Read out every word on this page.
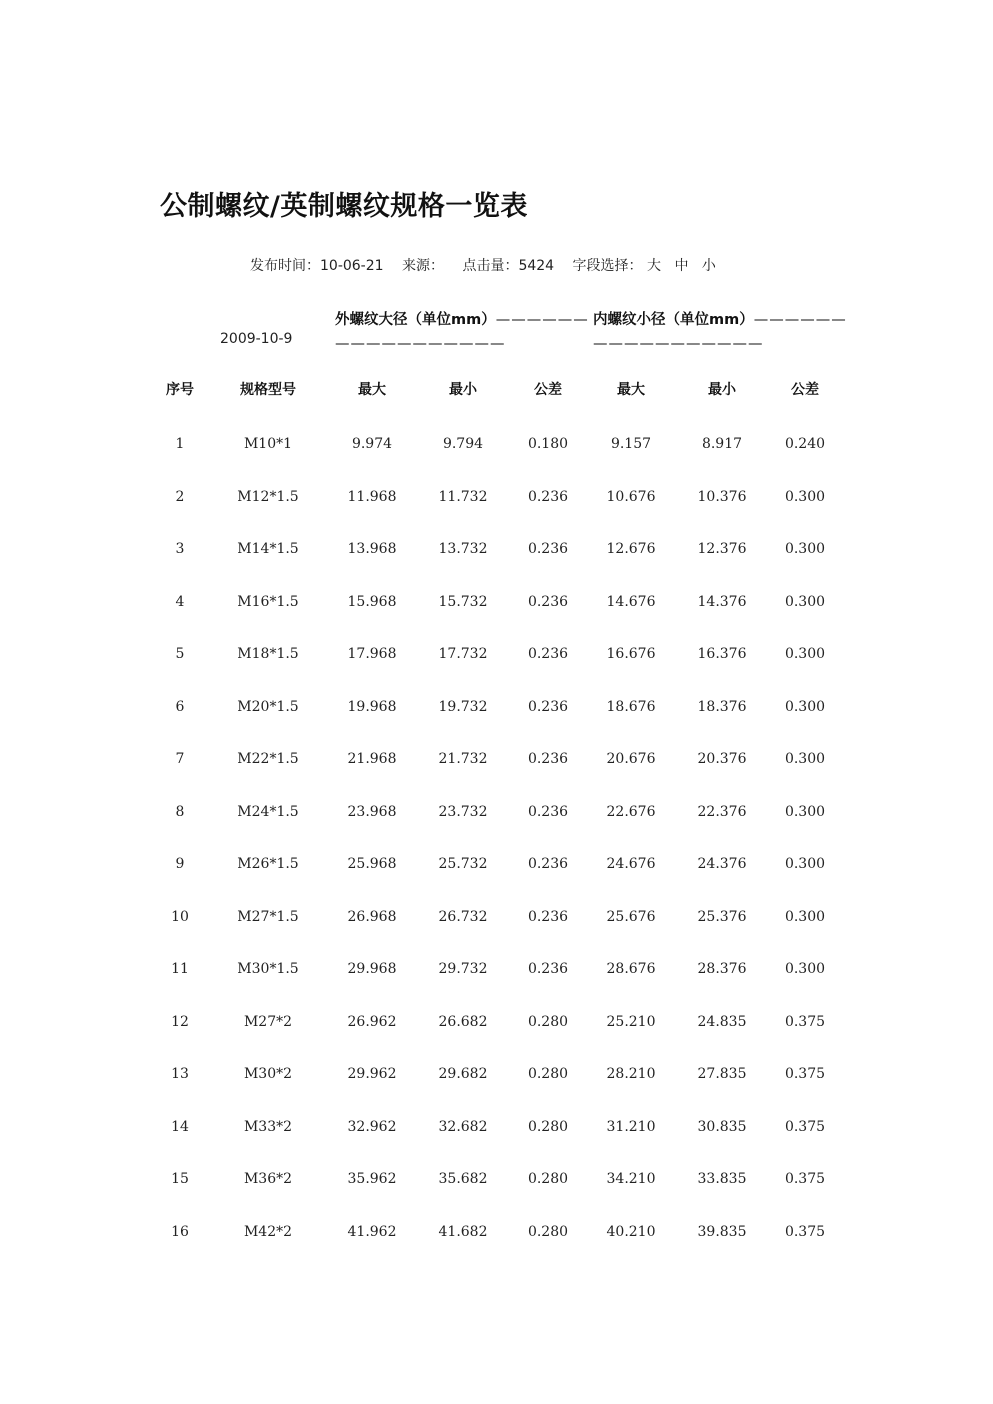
公制螺纹/英制螺纹规格一览表
发布时间：10-06-21 来源： 点击量：5424 字段选择： 大 中 小
2009-10-9
外螺纹大径（单位mm）——————
———————————
内螺纹小径（单位mm）——————
———————————
序号	规格型号	最大	最小	公差	最大	最小	公差
1	M10*1	9.974	9.794	0.180	9.157	8.917	0.240
2	M12*1.5	11.968	11.732	0.236	10.676	10.376	0.300
3	M14*1.5	13.968	13.732	0.236	12.676	12.376	0.300
4	M16*1.5	15.968	15.732	0.236	14.676	14.376	0.300
5	M18*1.5	17.968	17.732	0.236	16.676	16.376	0.300
6	M20*1.5	19.968	19.732	0.236	18.676	18.376	0.300
7	M22*1.5	21.968	21.732	0.236	20.676	20.376	0.300
8	M24*1.5	23.968	23.732	0.236	22.676	22.376	0.300
9	M26*1.5	25.968	25.732	0.236	24.676	24.376	0.300
10	M27*1.5	26.968	26.732	0.236	25.676	25.376	0.300
11	M30*1.5	29.968	29.732	0.236	28.676	28.376	0.300
12	M27*2	26.962	26.682	0.280	25.210	24.835	0.375
13	M30*2	29.962	29.682	0.280	28.210	27.835	0.375
14	M33*2	32.962	32.682	0.280	31.210	30.835	0.375
15	M36*2	35.962	35.682	0.280	34.210	33.835	0.375
16	M42*2	41.962	41.682	0.280	40.210	39.835	0.375
